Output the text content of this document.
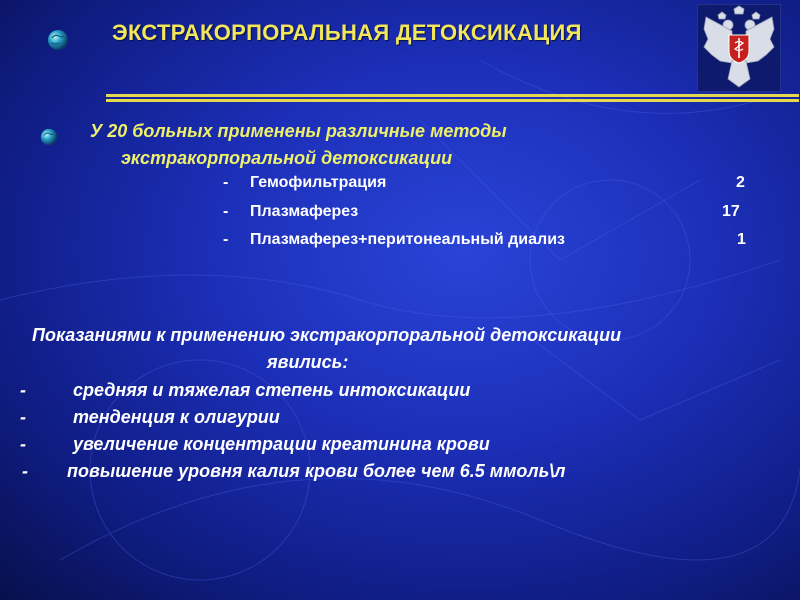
ЭКСТРАКОРПОРАЛЬНАЯ ДЕТОКСИКАЦИЯ
У 20 больных применены различные методы
экстракорпоральной детоксикации
- Гемофильтрация	2
- Плазмаферез	17
- Плазмаферез+перитонеальный диализ	1
Показаниями к применению экстракорпоральной детоксикации
явились:
-	средняя и тяжелая степень интоксикации
-	тенденция к олигурии
-	увеличение концентрации креатинина крови
- повышение уровня калия крови более чем 6.5 ммоль\л
